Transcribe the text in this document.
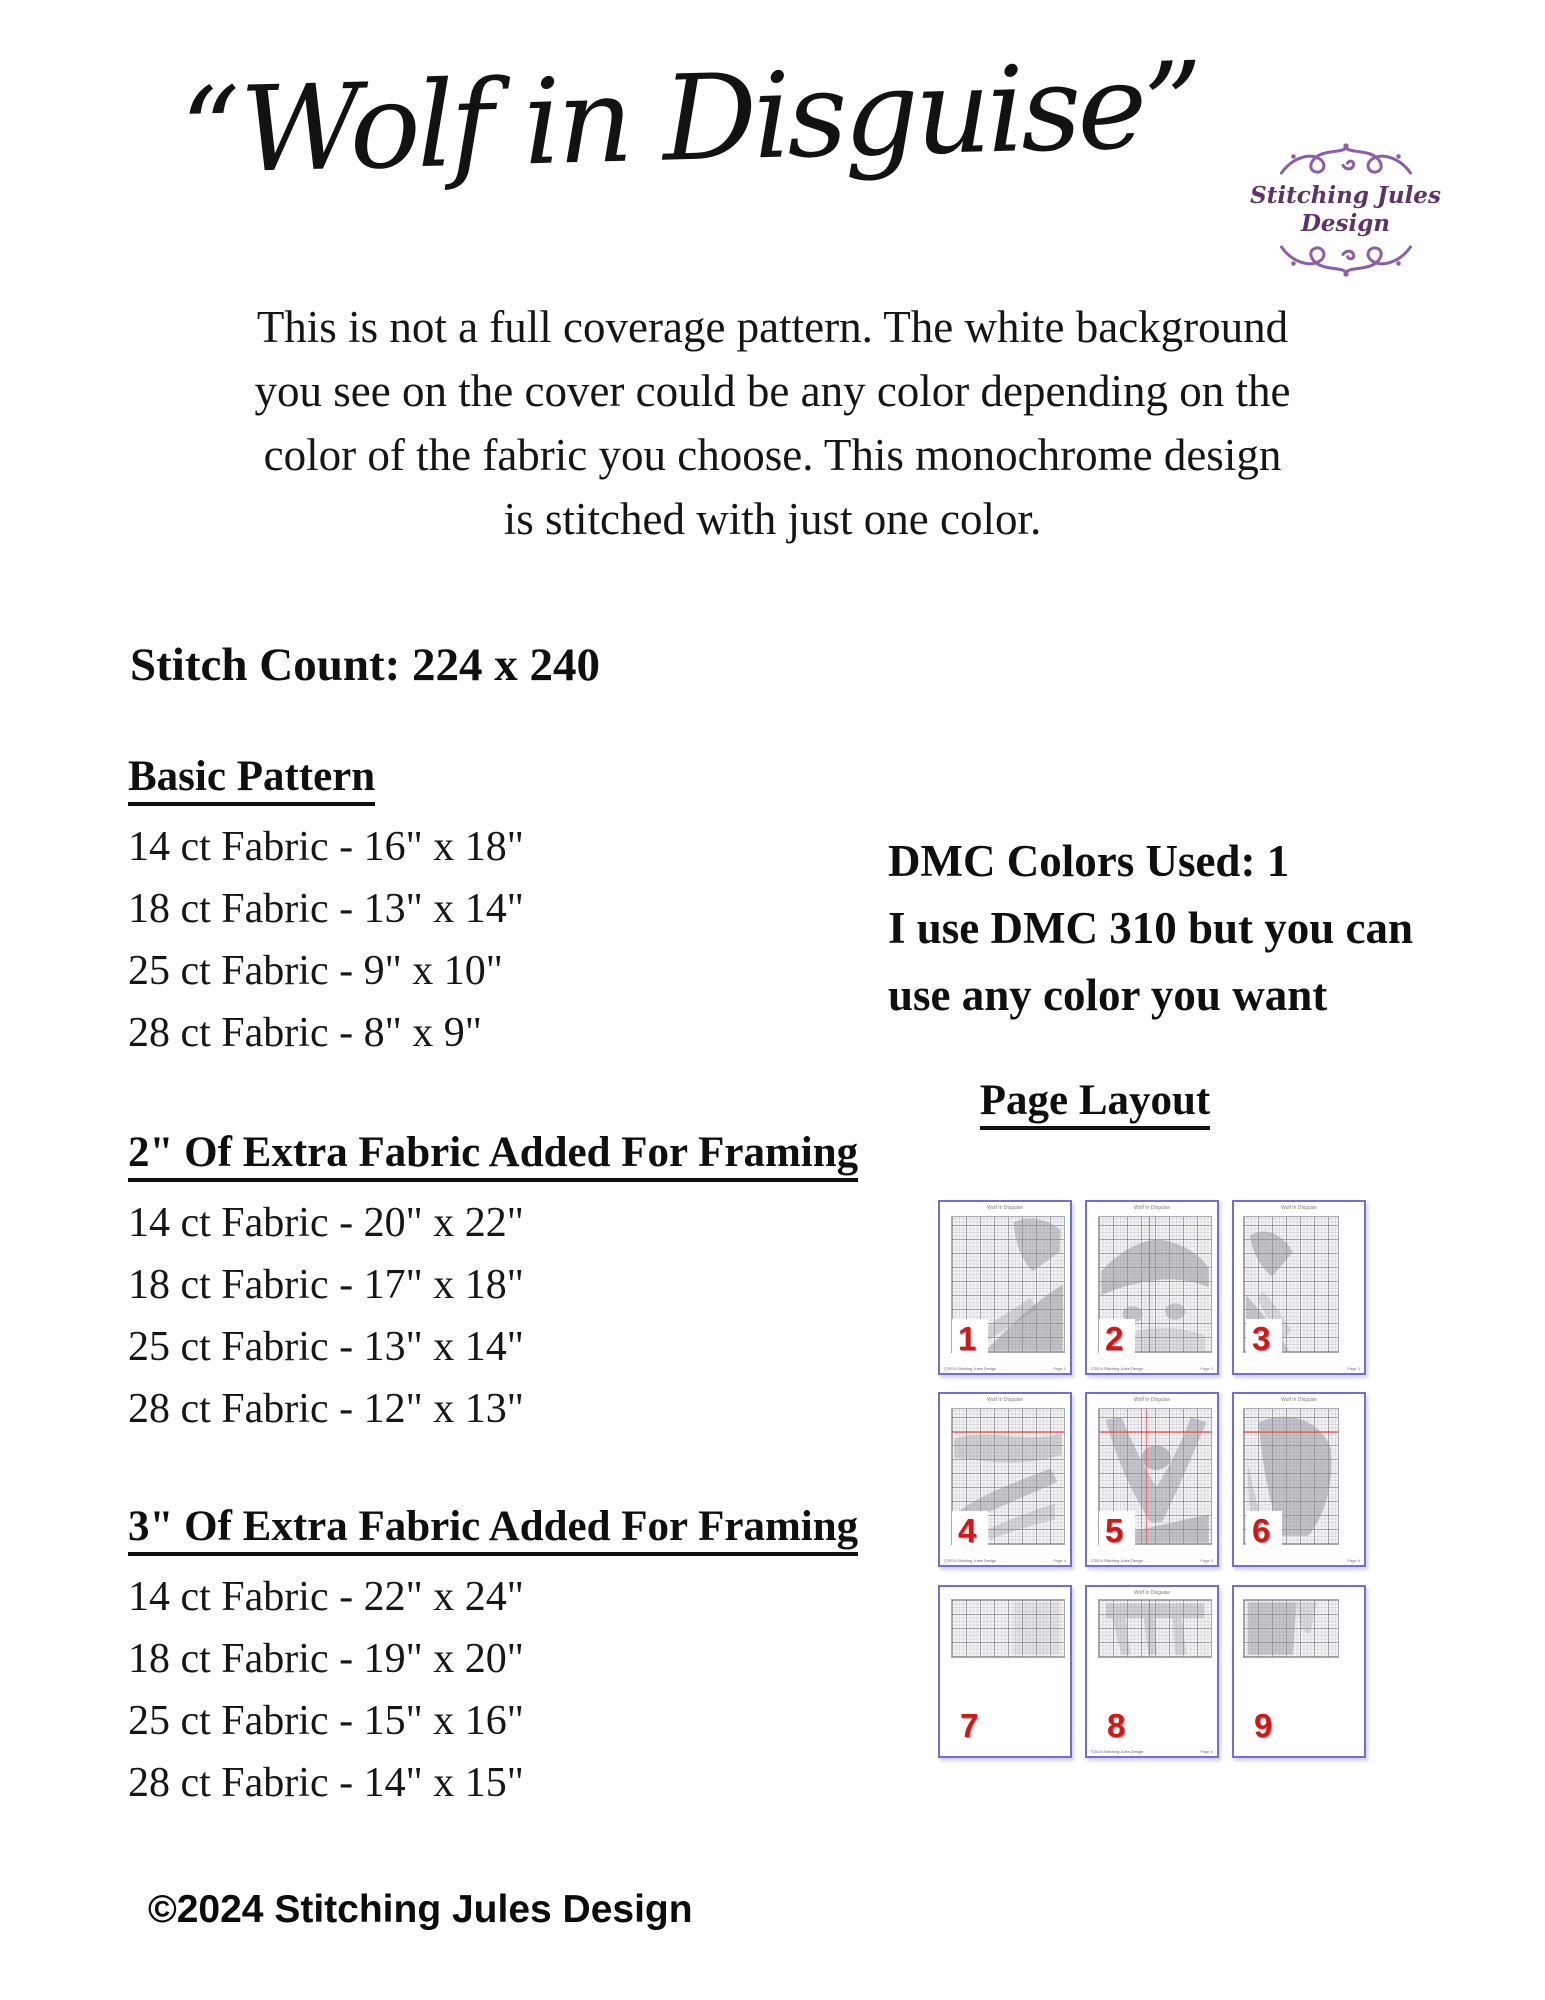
“Wolf in Disguise”	Stitching Jules Design
This is not a full coverage pattern. The white background
you see on the cover could be any color depending on the
color of the fabric you choose. This monochrome design
is stitched with just one color.
Stitch Count: 224 x 240
Basic Pattern
14 ct Fabric - 16" x 18"
18 ct Fabric - 13" x 14"
25 ct Fabric - 9" x 10"
28 ct Fabric - 8" x 9"
2" Of Extra Fabric Added For Framing
14 ct Fabric - 20" x 22"
18 ct Fabric - 17" x 18"
25 ct Fabric - 13" x 14"
28 ct Fabric - 12" x 13"
3" Of Extra Fabric Added For Framing
14 ct Fabric - 22" x 24"
18 ct Fabric - 19" x 20"
25 ct Fabric - 15" x 16"
28 ct Fabric - 14" x 15"
DMC Colors Used: 1
I use DMC 310 but you can
use any color you want
Page Layout
Wolf In Disguise
1
©2024 Stitching Jules Design	Page 1
Wolf In Disguise
2
©2024 Stitching Jules Design	Page 2
Wolf In Disguise
3
Page 3
Wolf In Disguise
4
©2024 Stitching Jules Design	Page 4
Wolf In Disguise
5
©2024 Stitching Jules Design	Page 5
Wolf In Disguise
6
Page 6
7
Wolf In Disguise
8
©2024 Stitching Jules Design	Page 8
9
©2024 Stitching Jules Design
